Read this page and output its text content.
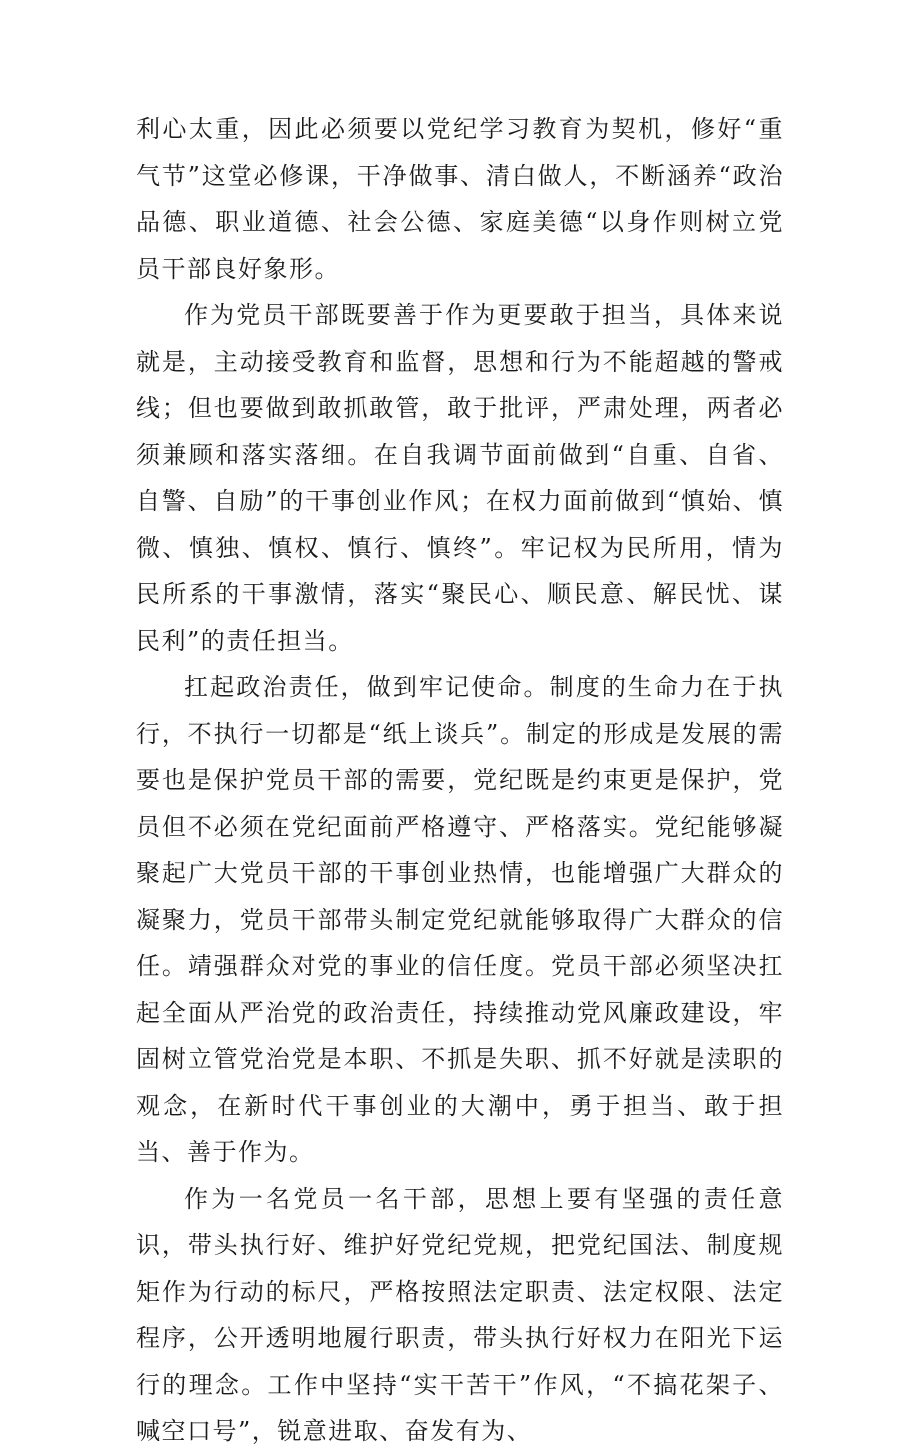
利心太重，因此必须要以党纪学习教育为契机，修好“重气节”这堂必修课，干净做事、清白做人，不断涵养“政治品德、职业道德、社会公德、家庭美德“以身作则树立党员干部良好象形。

作为党员干部既要善于作为更要敢于担当，具体来说就是，主动接受教育和监督，思想和行为不能超越的警戒线；但也要做到敢抓敢管，敢于批评，严肃处理，两者必须兼顾和落实落细。在自我调节面前做到“自重、自省、自警、自励”的干事创业作风；在权力面前做到“慎始、慎微、慎独、慎权、慎行、慎终”。牢记权为民所用，情为民所系的干事激情，落实“聚民心、顺民意、解民忧、谋民利”的责任担当。

扛起政治责任，做到牢记使命。制度的生命力在于执行，不执行一切都是“纸上谈兵”。制定的形成是发展的需要也是保护党员干部的需要，党纪既是约束更是保护，党员但不必须在党纪面前严格遵守、严格落实。党纪能够凝聚起广大党员干部的干事创业热情，也能增强广大群众的凝聚力，党员干部带头制定党纪就能够取得广大群众的信任。靖强群众对党的事业的信任度。党员干部必须坚决扛起全面从严治党的政治责任，持续推动党风廉政建设，牢固树立管党治党是本职、不抓是失职、抓不好就是渎职的观念，在新时代干事创业的大潮中，勇于担当、敢于担当、善于作为。

作为一名党员一名干部，思想上要有坚强的责任意识，带头执行好、维护好党纪党规，把党纪国法、制度规矩作为行动的标尺，严格按照法定职责、法定权限、法定程序，公开透明地履行职责，带头执行好权力在阳光下运行的理念。工作中坚持“实干苦干”作风，“不搞花架子、喊空口号”，锐意进取、奋发有为、
